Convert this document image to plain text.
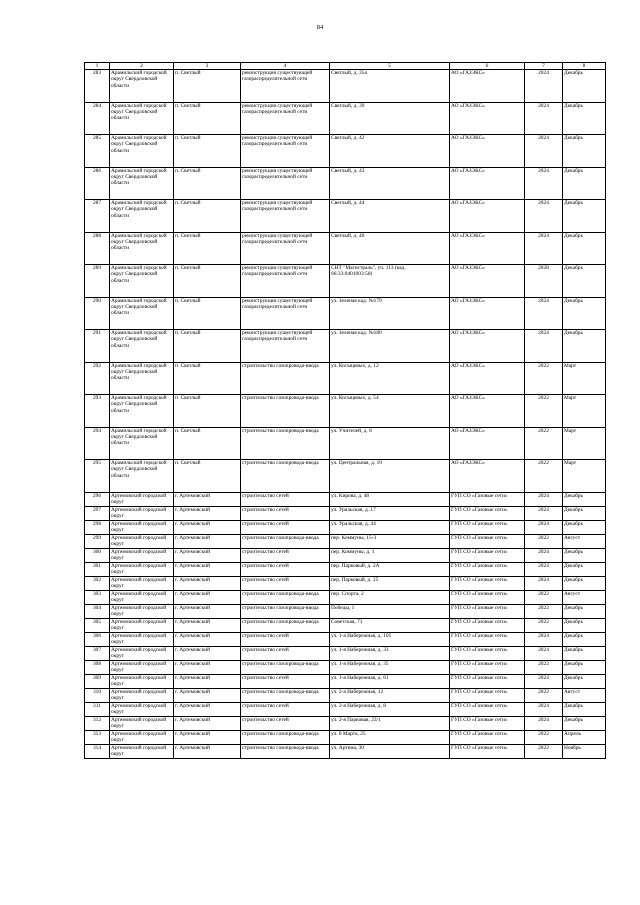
84
1	2	3	4	5	6	7	8
283	Арамильский городской округ Свердловской области	п. Светлый	реконструкция существующей газораспределительной сети	Светлый, д. 35а	АО «ГАЗЭКС»	2024	Декабрь
284	Арамильский городской округ Свердловской области	п. Светлый	реконструкция существующей газораспределительной сети	Светлый, д. 39	АО «ГАЗЭКС»	2024	Декабрь
285	Арамильский городской округ Свердловской области	п. Светлый	реконструкция существующей газораспределительной сети	Светлый, д. 42	АО «ГАЗЭКС»	2024	Декабрь
286	Арамильский городской округ Свердловской области	п. Светлый	реконструкция существующей газораспределительной сети	Светлый, д. 43	АО «ГАЗЭКС»	2024	Декабрь
287	Арамильский городской округ Свердловской области	п. Светлый	реконструкция существующей газораспределительной сети	Светлый, д. 44	АО «ГАЗЭКС»	2024	Декабрь
288	Арамильский городской округ Свердловской области	п. Светлый	реконструкция существующей газораспределительной сети	Светлый, д. 46	АО «ГАЗЭКС»	2024	Декабрь
289	Арамильский городской округ Свердловской области	п. Светлый	реконструкция существующей газораспределительной сети	СНТ "Магистраль", уч. 113 (кад. 66:33:0401003:58)	АО «ГАЗЭКС»	2028	Декабрь
290	Арамильский городской округ Свердловской области	п. Светлый	реконструкция существующей газораспределительной сети	ул. Зеленая кад. №179	АО «ГАЗЭКС»	2024	Декабрь
291	Арамильский городской округ Свердловской области	п. Светлый	реконструкция существующей газораспределительной сети	ул. Зеленая кад. №180	АО «ГАЗЭКС»	2024	Декабрь
292	Арамильский городской округ Свердловской области	п. Светлый	строительство газопровода-ввода	ул. Косыцевых, д. 12	АО «ГАЗЭКС»	2022	Март
293	Арамильский городской округ Свердловской области	п. Светлый	строительство газопровода-ввода	ул. Косыцевых, д. 54	АО «ГАЗЭКС»	2022	Март
294	Арамильский городской округ Свердловской области	п. Светлый	строительство газопровода-ввода	ул. Учителей, д. 8	АО «ГАЗЭКС»	2022	Март
295	Арамильский городской округ Свердловской области	п. Светлый	строительство газопровода-ввода	ул. Центральная, д. 19	АО «ГАЗЭКС»	2022	Март
296	Артемовский городской округ	г. Артемовский	строительство сетей	ул. Кирова, д. 48	ГУП СО «Газовые сети»	2024	Декабрь
297	Артемовский городской округ	г. Артемовский	строительство сетей	ул. Уральская, д. 17	ГУП СО «Газовые сети»	2024	Декабрь
298	Артемовский городской округ	г. Артемовский	строительство сетей	ул. Уральская, д. 44	ГУП СО «Газовые сети»	2024	Декабрь
299	Артемовский городской округ	г. Артемовский	строительство газопровода-ввода	пер. Коммуны, 15-3	ГУП СО «Газовые сети»	2022	Август
300	Артемовский городской округ	г. Артемовский	строительство сетей	пер. Коммуны, д. 1	ГУП СО «Газовые сети»	2024	Декабрь
301	Артемовский городской округ	г. Артемовский	строительство сетей	пер. Парковый, д. 2А	ГУП СО «Газовые сети»	2024	Декабрь
302	Артемовский городской округ	г. Артемовский	строительство сетей	пер. Парковый, д. 25	ГУП СО «Газовые сети»	2024	Декабрь
303	Артемовский городской округ	г. Артемовский	строительство газопровода-ввода	пер. Спорта, 2	ГУП СО «Газовые сети»	2022	Август
304	Артемовский городской округ	г. Артемовский	строительство газопровода-ввода	Победы, 1	ГУП СО «Газовые сети»	2022	Декабрь
305	Артемовский городской округ	г. Артемовский	строительство газопровода-ввода	Советская, 71	ГУП СО «Газовые сети»	2022	Декабрь
306	Артемовский городской округ	г. Артемовский	строительство сетей	ул. 1-я Набережная, д. 105	ГУП СО «Газовые сети»	2024	Декабрь
307	Артемовский городской округ	г. Артемовский	строительство сетей	ул. 1-я Набережная, д. 33	ГУП СО «Газовые сети»	2024	Декабрь
308	Артемовский городской округ	г. Артемовский	строительство газопровода-ввода	ул. 1-я Набережная, д. 35	ГУП СО «Газовые сети»	2022	Декабрь
309	Артемовский городской округ	г. Артемовский	строительство сетей	ул. 1-я Набережная, д. 61	ГУП СО «Газовые сети»	2024	Декабрь
310	Артемовский городской округ	г. Артемовский	строительство газопровода-ввода	ул. 2-я Набережная, 12	ГУП СО «Газовые сети»	2022	Август
311	Артемовский городской округ	г. Артемовский	строительство сетей	ул. 2-я Набережная, д. 8	ГУП СО «Газовые сети»	2024	Декабрь
312	Артемовский городской округ	г. Артемовский	строительство сетей	ул. 2-я Парковая, 23/1	ГУП СО «Газовые сети»	2024	Декабрь
313	Артемовский городской округ	г. Артемовский	строительство газопровода-ввода	ул. 8 Марта, 25	ГУП СО «Газовые сети»	2022	Апрель
314	Артемовский городской округ	г. Артемовский	строительство газопровода-ввода	ул. Артема, 30	ГУП СО «Газовые сети»	2022	Ноябрь
